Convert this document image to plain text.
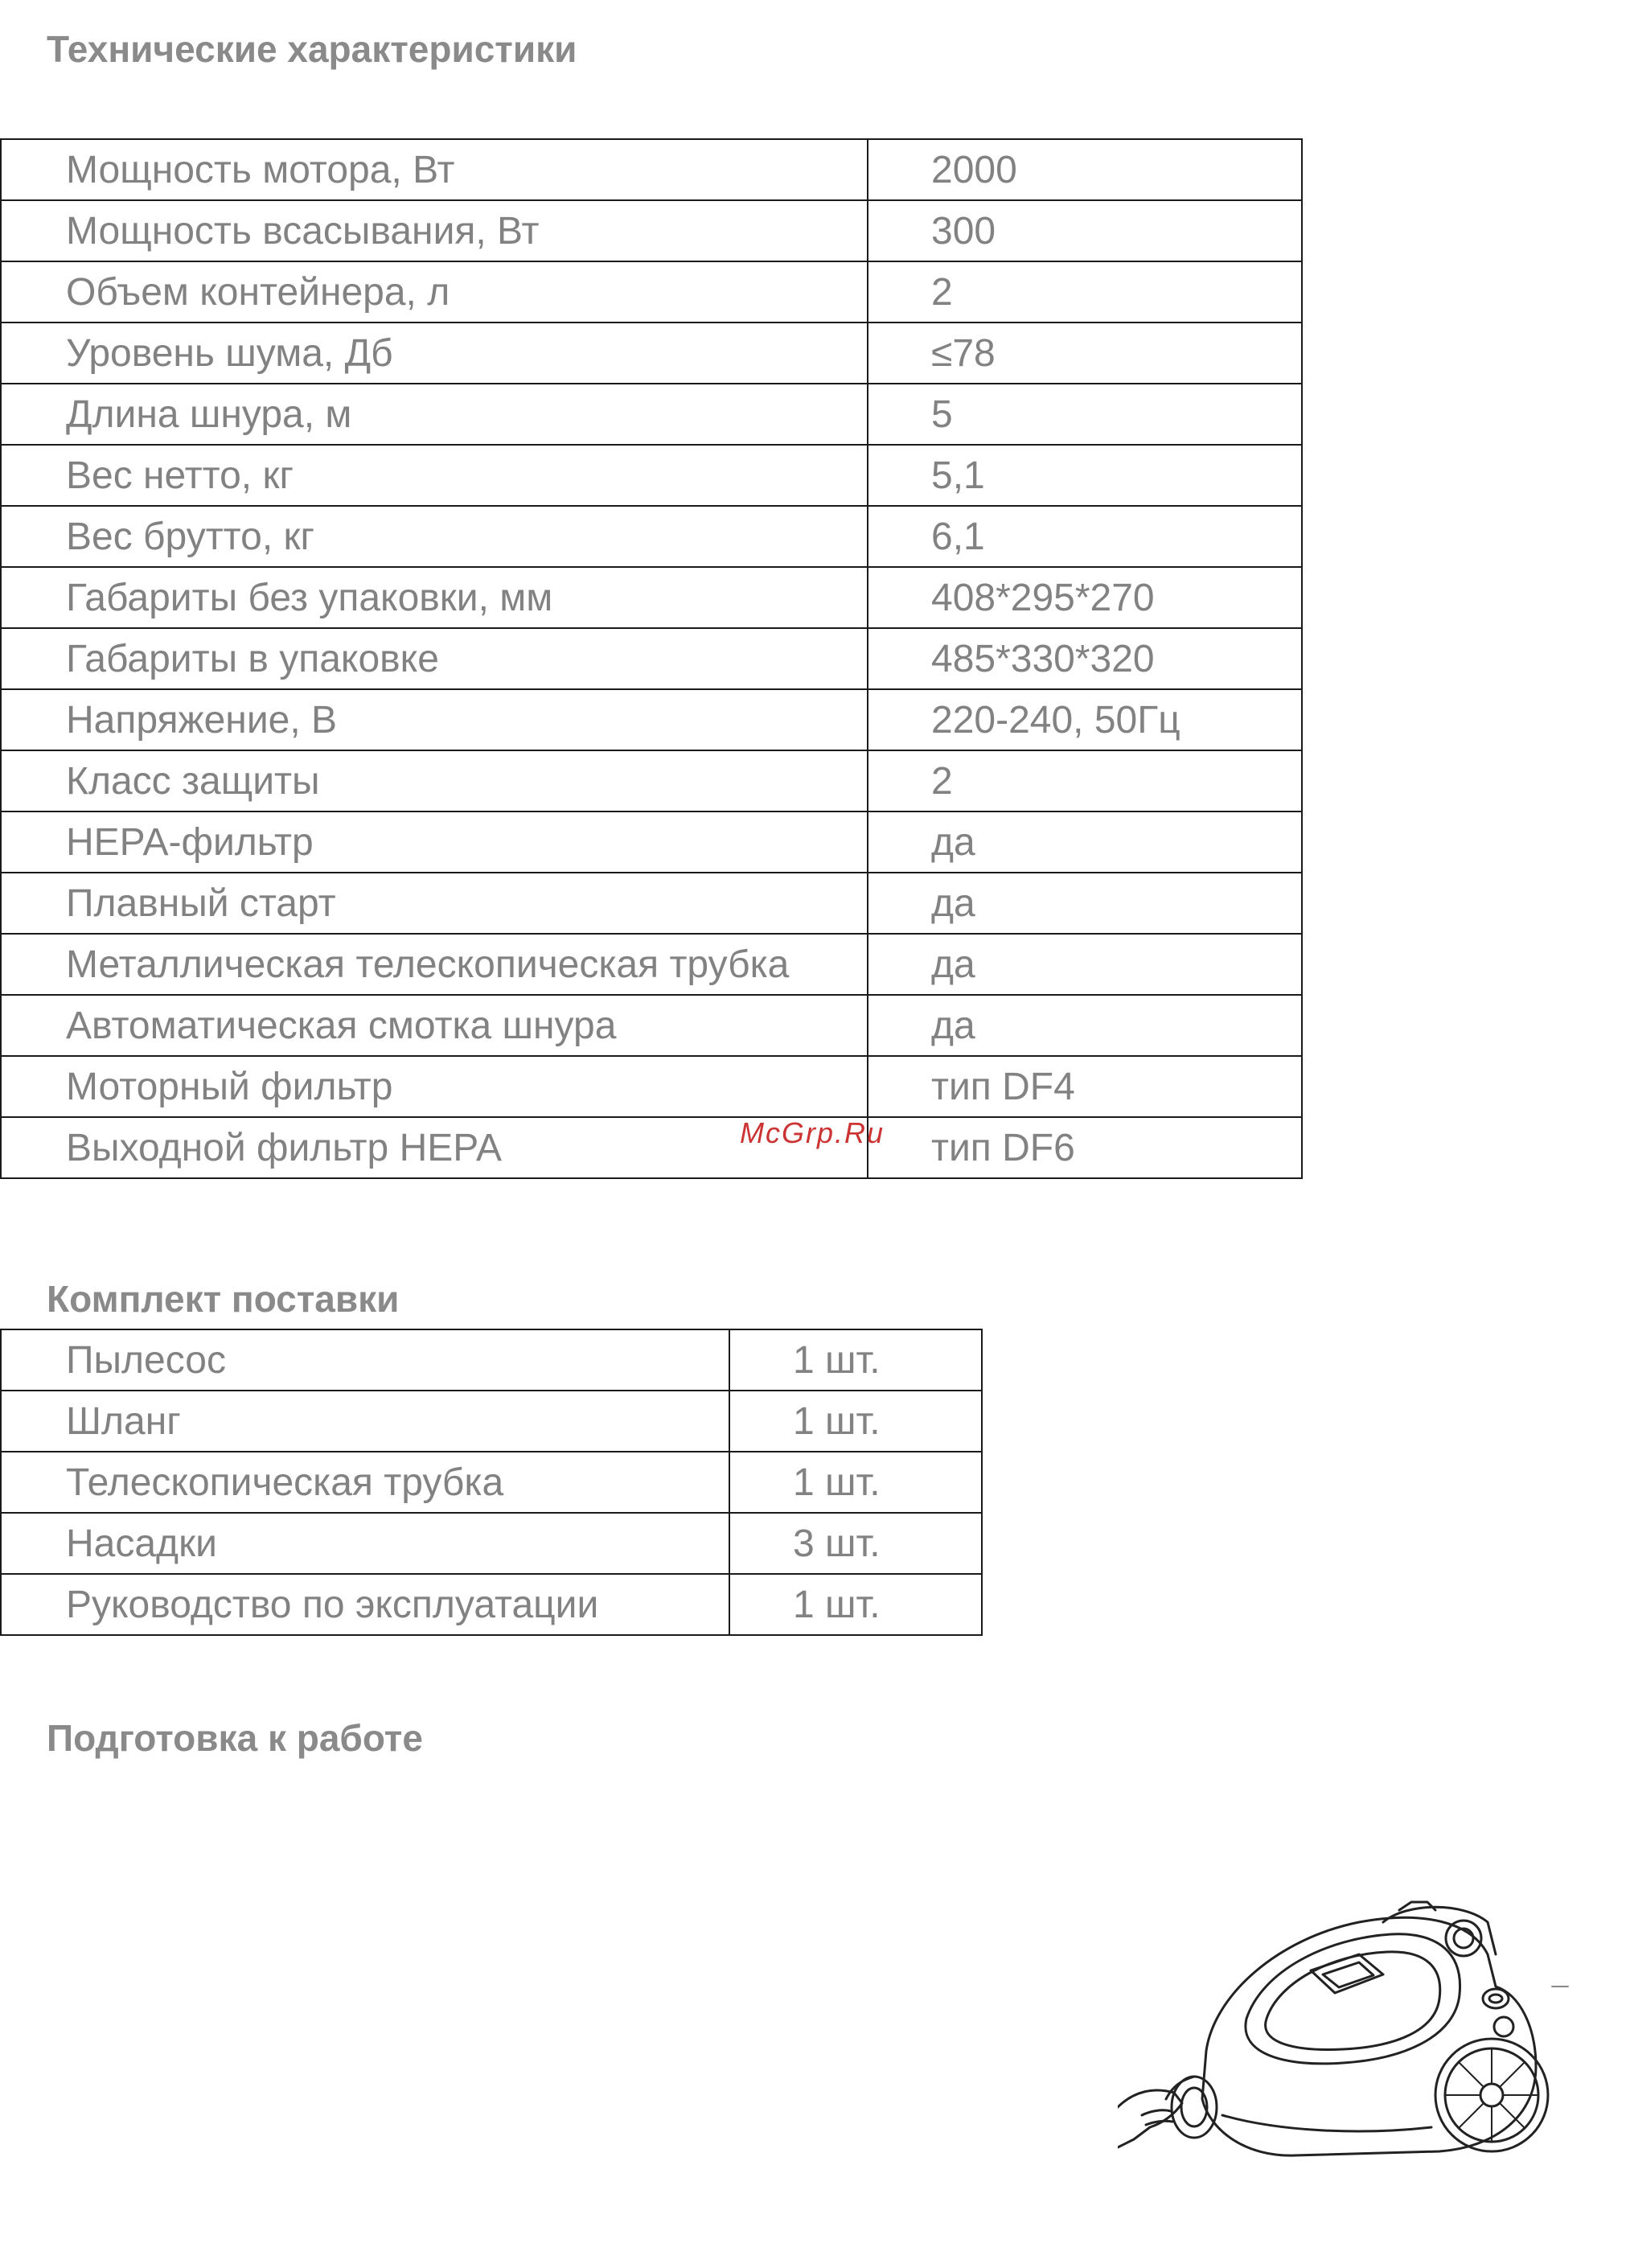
Технические характеристики
Мощность мотора, Вт	2000
Мощность всасывания, Вт	300
Объем контейнера, л	2
Уровень шума, Дб	≤78
Длина шнура, м	5
Вес нетто, кг	5,1
Вес брутто, кг	6,1
Габариты без упаковки, мм	408*295*270
Габариты в упаковке	485*330*320
Напряжение, В	220-240, 50Гц
Класс защиты	2
НЕРА-фильтр	да
Плавный старт	да
Металлическая телескопическая трубка	да
Автоматическая смотка шнура	да
Моторный фильтр	тип DF4
Выходной фильтр НЕРА	тип DF6
McGrp.Ru
Комплект поставки
Пылесос	1 шт.
Шланг	1 шт.
Телескопическая трубка	1 шт.
Насадки	3 шт.
Руководство по эксплуатации	1 шт.
Подготовка к работе
